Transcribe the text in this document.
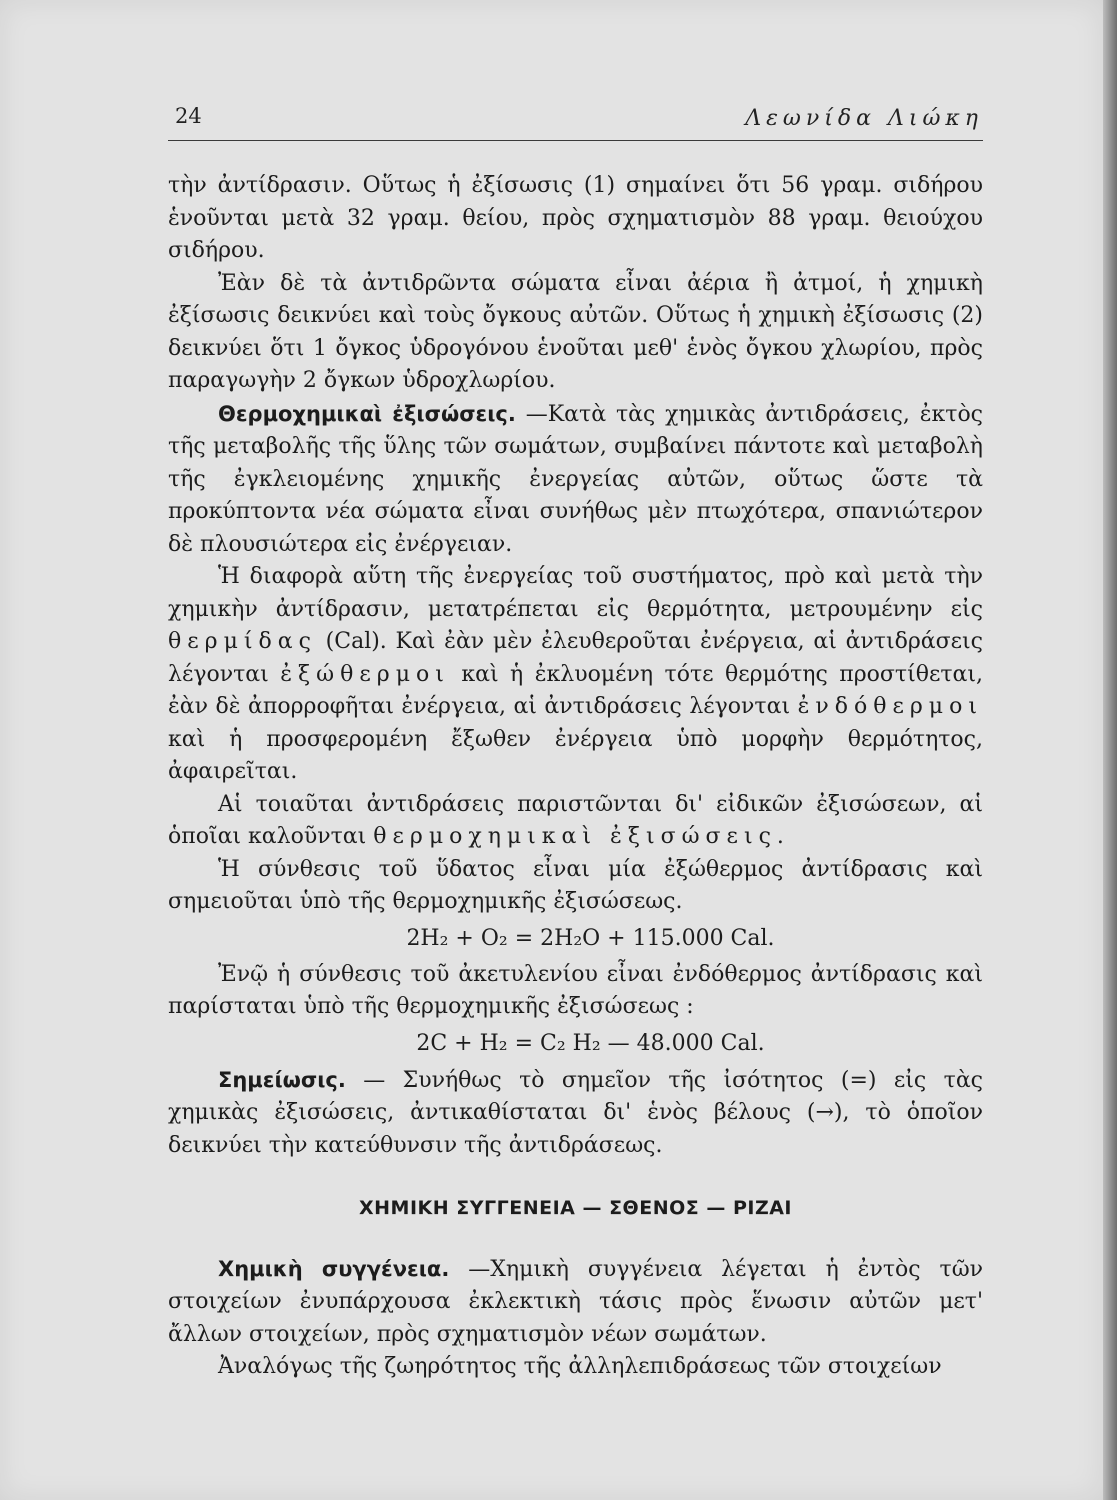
24	Λεωνίδα Λιώκη

τὴν ἀντίδρασιν. Οὕτως ἡ ἐξίσωσις (1) σημαίνει ὅτι 56 γραμ. σιδήρου ἑνοῦνται μετὰ 32 γραμ. θείου, πρὸς σχηματισμὸν 88 γραμ. θειούχου σιδήρου.

Ἐὰν δὲ τὰ ἀντιδρῶντα σώματα εἶναι ἀέρια ἢ ἀτμοί, ἡ χημικὴ ἐξίσωσις δεικνύει καὶ τοὺς ὄγκους αὐτῶν. Οὕτως ἡ χημικὴ ἐξίσωσις (2) δεικνύει ὅτι 1 ὄγκος ὑδρογόνου ἑνοῦται μεθ' ἑνὸς ὄγκου χλωρίου, πρὸς παραγωγὴν 2 ὄγκων ὑδροχλωρίου.

Θερμοχημικαὶ ἐξισώσεις. —Κατὰ τὰς χημικὰς ἀντιδράσεις, ἐκτὸς τῆς μεταβολῆς τῆς ὕλης τῶν σωμάτων, συμβαίνει πάντοτε καὶ μεταβολὴ τῆς ἐγκλειομένης χημικῆς ἐνεργείας αὐτῶν, οὕτως ὥστε τὰ προκύπτοντα νέα σώματα εἶναι συνήθως μὲν πτωχότερα, σπανιώτερον δὲ πλουσιώτερα εἰς ἐνέργειαν.

Ἡ διαφορὰ αὕτη τῆς ἐνεργείας τοῦ συστήματος, πρὸ καὶ μετὰ τὴν χημικὴν ἀντίδρασιν, μετατρέπεται εἰς θερμότητα, μετρουμένην εἰς θερμίδας (Cal). Καὶ ἐὰν μὲν ἐλευθεροῦται ἐνέργεια, αἱ ἀντιδράσεις λέγονται ἐξώθερμοι καὶ ἡ ἐκλυομένη τότε θερμότης προστίθεται, ἐὰν δὲ ἀπορροφῆται ἐνέργεια, αἱ ἀντιδράσεις λέγονται ἐνδόθερμοι καὶ ἡ προσφερομένη ἔξωθεν ἐνέργεια ὑπὸ μορφὴν θερμότητος, ἀφαιρεῖται.

Αἱ τοιαῦται ἀντιδράσεις παριστῶνται δι' εἰδικῶν ἐξισώσεων, αἱ ὁποῖαι καλοῦνται θερμοχημικαὶ ἐξισώσεις.

Ἡ σύνθεσις τοῦ ὕδατος εἶναι μία ἐξώθερμος ἀντίδρασις καὶ σημειοῦται ὑπὸ τῆς θερμοχημικῆς ἐξισώσεως.

2H₂ + O₂ = 2H₂O + 115.000 Cal.

Ἐνῷ ἡ σύνθεσις τοῦ ἀκετυλενίου εἶναι ἐνδόθερμος ἀντίδρασις καὶ παρίσταται ὑπὸ τῆς θερμοχημικῆς ἐξισώσεως :

2C + H₂ = C₂ H₂ — 48.000 Cal.

Σημείωσις. — Συνήθως τὸ σημεῖον τῆς ἰσότητος (=) εἰς τὰς χημικὰς ἐξισώσεις, ἀντικαθίσταται δι' ἑνὸς βέλους (→), τὸ ὁποῖον δεικνύει τὴν κατεύθυνσιν τῆς ἀντιδράσεως.

ΧΗΜΙΚΗ ΣΥΓΓΕΝΕΙΑ — ΣΘΕΝΟΣ — ΡΙΖΑΙ

Χημικὴ συγγένεια. —Χημικὴ συγγένεια λέγεται ἡ ἐντὸς τῶν στοιχείων ἐνυπάρχουσα ἐκλεκτικὴ τάσις πρὸς ἕνωσιν αὐτῶν μετ' ἄλλων στοιχείων, πρὸς σχηματισμὸν νέων σωμάτων.

Ἀναλόγως τῆς ζωηρότητος τῆς ἀλληλεπιδράσεως τῶν στοιχείων
